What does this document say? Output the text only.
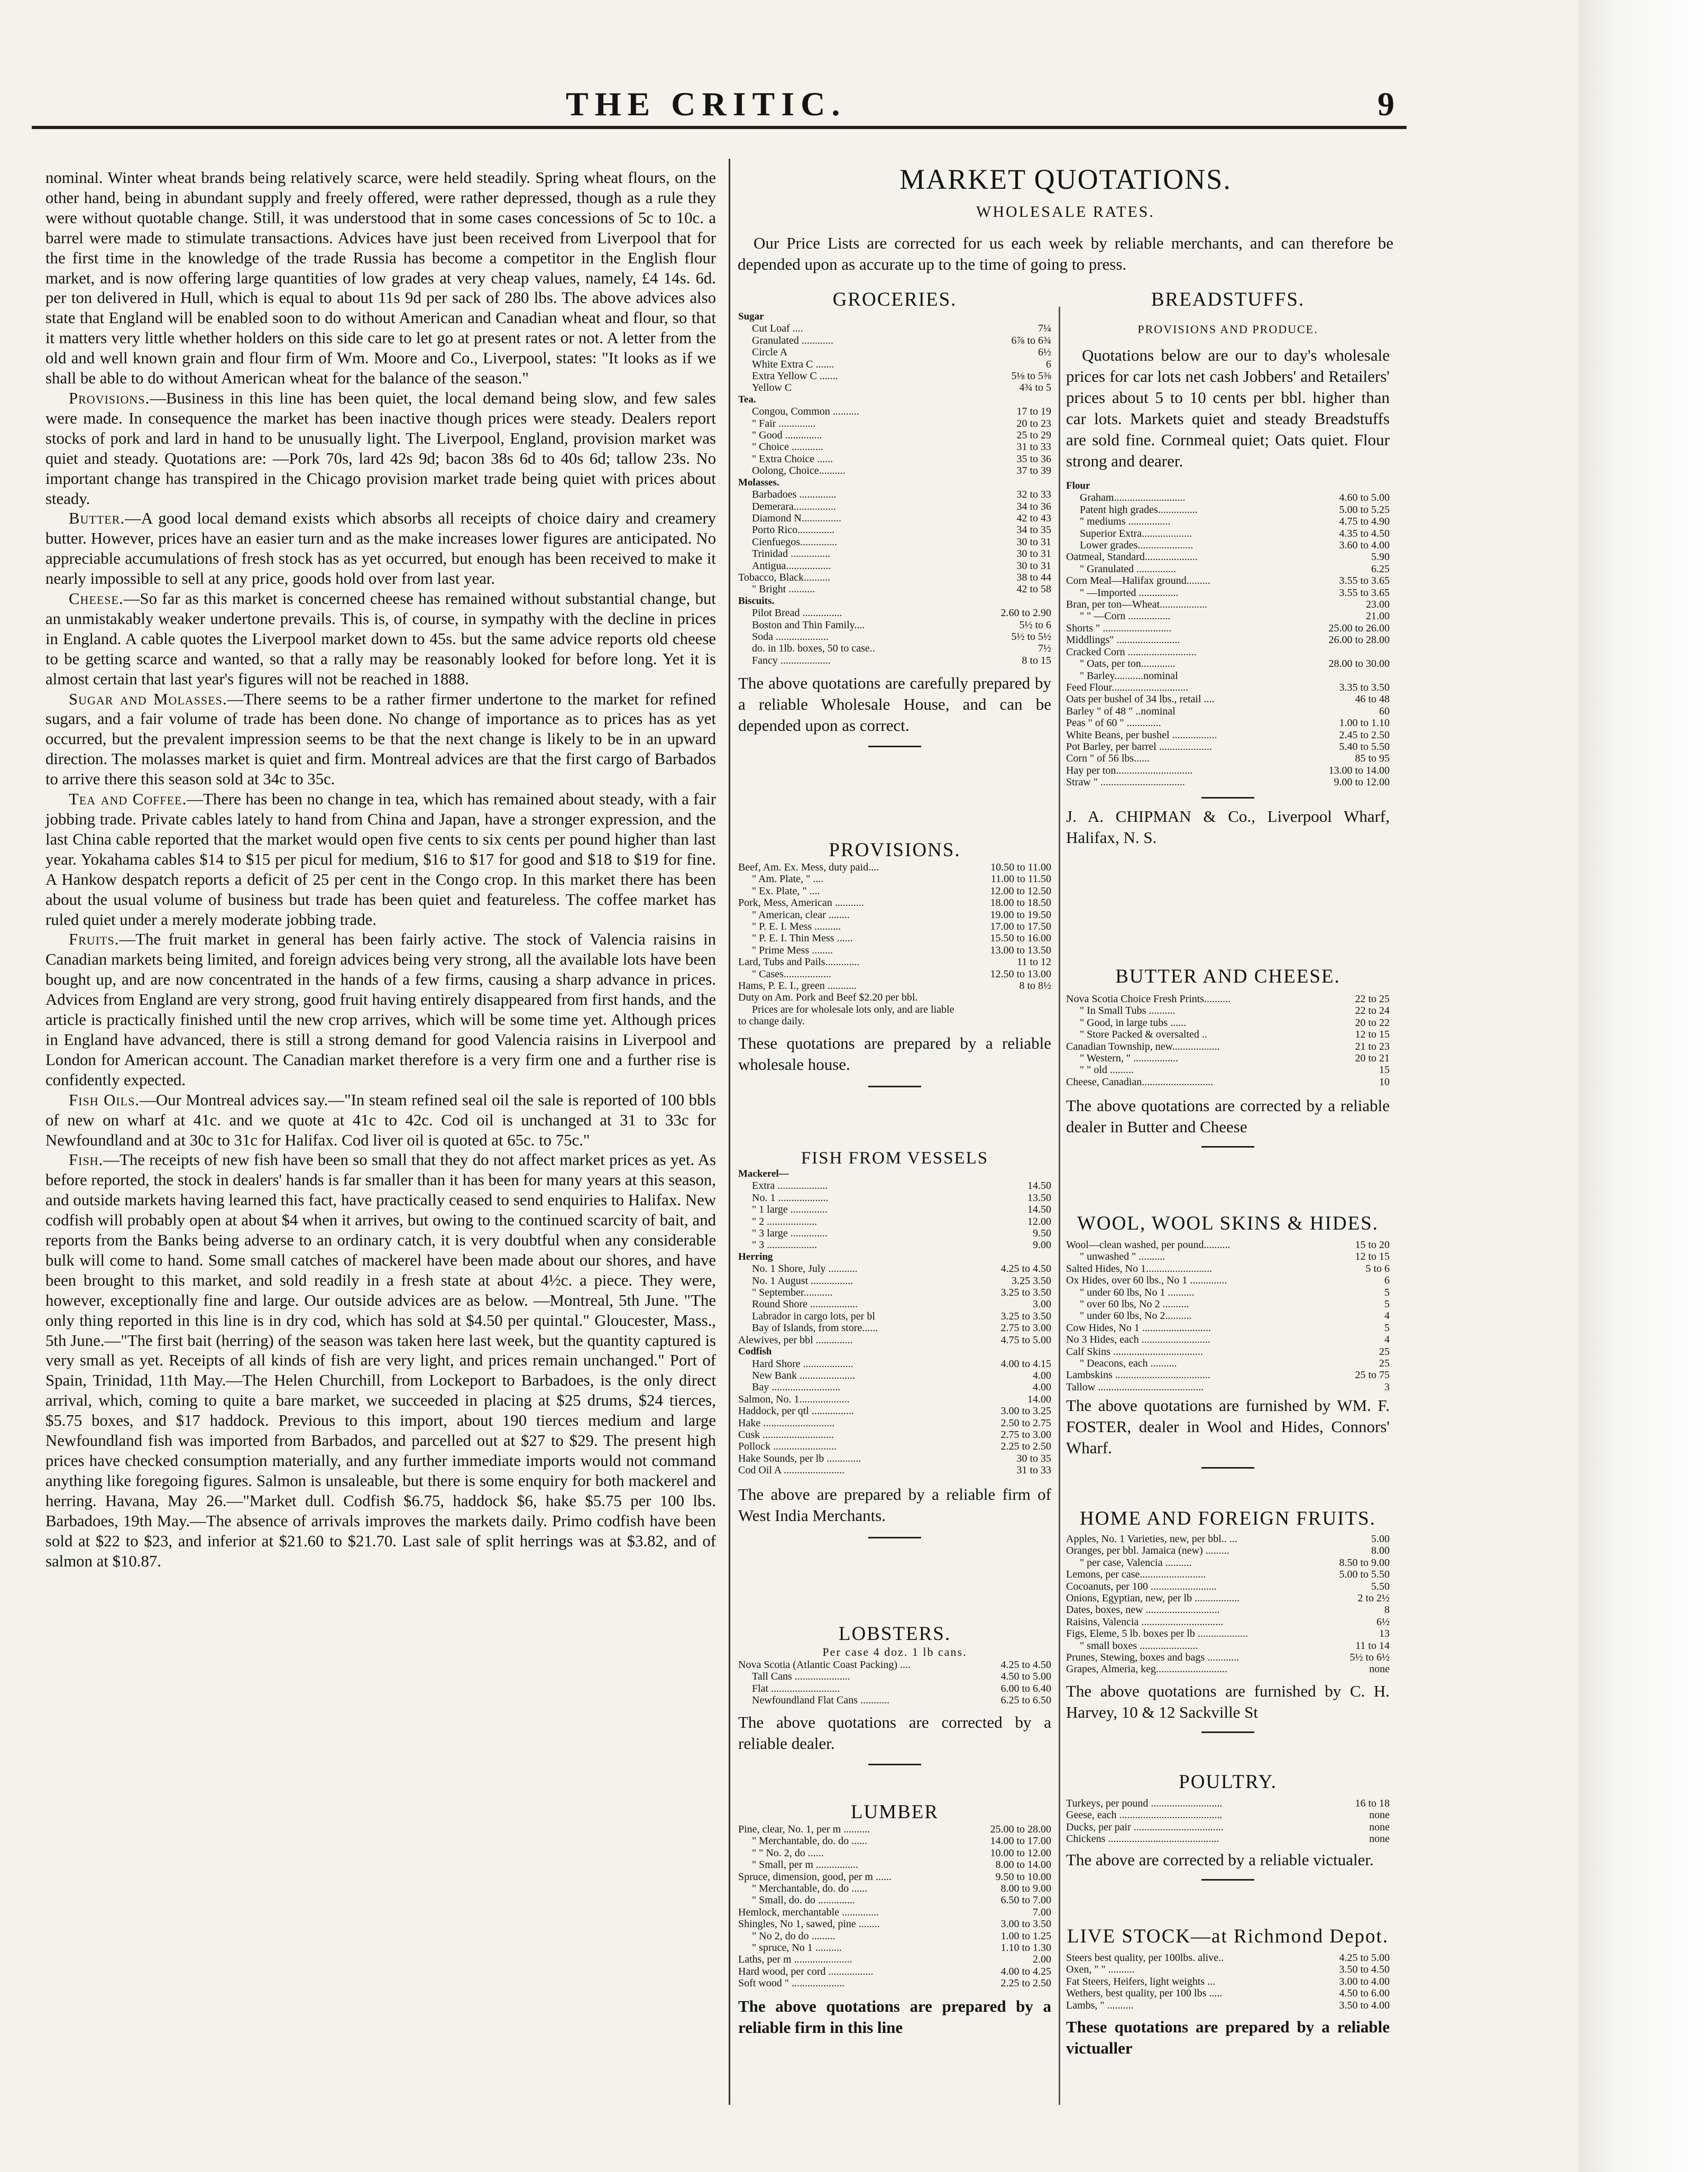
THE CRITIC.	9

nominal. Winter wheat brands being relatively scarce, were held steadily. Spring wheat flours, on the other hand, being in abundant supply and freely offered, were rather depressed, though as a rule they were without quotable change. Still, it was understood that in some cases concessions of 5c to 10c. a barrel were made to stimulate transactions. Advices have just been received from Liverpool that for the first time in the knowledge of the trade Russia has become a competitor in the English flour market, and is now offering large quantities of low grades at very cheap values, namely, £4 14s. 6d. per ton delivered in Hull, which is equal to about 11s 9d per sack of 280 lbs. The above advices also state that England will be enabled soon to do without American and Canadian wheat and flour, so that it matters very little whether holders on this side care to let go at present rates or not. A letter from the old and well known grain and flour firm of Wm. Moore and Co., Liverpool, states: "It looks as if we shall be able to do without American wheat for the balance of the season."

Provisions.—Business in this line has been quiet, the local demand being slow, and few sales were made. In consequence the market has been inactive though prices were steady. Dealers report stocks of pork and lard in hand to be unusually light. The Liverpool, England, provision market was quiet and steady. Quotations are: —Pork 70s, lard 42s 9d; bacon 38s 6d to 40s 6d; tallow 23s. No important change has transpired in the Chicago provision market trade being quiet with prices about steady.

Butter.—A good local demand exists which absorbs all receipts of choice dairy and creamery butter. However, prices have an easier turn and as the make increases lower figures are anticipated. No appreciable accumulations of fresh stock has as yet occurred, but enough has been received to make it nearly impossible to sell at any price, goods hold over from last year.

Cheese.—So far as this market is concerned cheese has remained without substantial change, but an unmistakably weaker undertone prevails. This is, of course, in sympathy with the decline in prices in England. A cable quotes the Liverpool market down to 45s. but the same advice reports old cheese to be getting scarce and wanted, so that a rally may be reasonably looked for before long. Yet it is almost certain that last year's figures will not be reached in 1888.

Sugar and Molasses.—There seems to be a rather firmer undertone to the market for refined sugars, and a fair volume of trade has been done. No change of importance as to prices has as yet occurred, but the prevalent impression seems to be that the next change is likely to be in an upward direction. The molasses market is quiet and firm. Montreal advices are that the first cargo of Barbados to arrive there this season sold at 34c to 35c.

Tea and Coffee.—There has been no change in tea, which has remained about steady, with a fair jobbing trade. Private cables lately to hand from China and Japan, have a stronger expression, and the last China cable reported that the market would open five cents to six cents per pound higher than last year. Yokahama cables $14 to $15 per picul for medium, $16 to $17 for good and $18 to $19 for fine. A Hankow despatch reports a deficit of 25 per cent in the Congo crop. In this market there has been about the usual volume of business but trade has been quiet and featureless. The coffee market has ruled quiet under a merely moderate jobbing trade.

Fruits.—The fruit market in general has been fairly active. The stock of Valencia raisins in Canadian markets being limited, and foreign advices being very strong, all the available lots have been bought up, and are now concentrated in the hands of a few firms, causing a sharp advance in prices. Advices from England are very strong, good fruit having entirely disappeared from first hands, and the article is practically finished until the new crop arrives, which will be some time yet. Although prices in England have advanced, there is still a strong demand for good Valencia raisins in Liverpool and London for American account. The Canadian market therefore is a very firm one and a further rise is confidently expected.

Fish Oils.—Our Montreal advices say.—"In steam refined seal oil the sale is reported of 100 bbls of new on wharf at 41c. and we quote at 41c to 42c. Cod oil is unchanged at 31 to 33c for Newfoundland and at 30c to 31c for Halifax. Cod liver oil is quoted at 65c. to 75c."

Fish.—The receipts of new fish have been so small that they do not affect market prices as yet. As before reported, the stock in dealers' hands is far smaller than it has been for many years at this season, and outside markets having learned this fact, have practically ceased to send enquiries to Halifax. New codfish will probably open at about $4 when it arrives, but owing to the continued scarcity of bait, and reports from the Banks being adverse to an ordinary catch, it is very doubtful when any considerable bulk will come to hand. Some small catches of mackerel have been made about our shores, and have been brought to this market, and sold readily in a fresh state at about 4½c. a piece. They were, however, exceptionally fine and large. Our outside advices are as below. —Montreal, 5th June. "The only thing reported in this line is in dry cod, which has sold at $4.50 per quintal." Gloucester, Mass., 5th June.—"The first bait (herring) of the season was taken here last week, but the quantity captured is very small as yet. Receipts of all kinds of fish are very light, and prices remain unchanged." Port of Spain, Trinidad, 11th May.—The Helen Churchill, from Lockeport to Barbadoes, is the only direct arrival, which, coming to quite a bare market, we succeeded in placing at $25 drums, $24 tierces, $5.75 boxes, and $17 haddock. Previous to this import, about 190 tierces medium and large Newfoundland fish was imported from Barbados, and parcelled out at $27 to $29. The present high prices have checked consumption materially, and any further immediate imports would not command anything like foregoing figures. Salmon is unsaleable, but there is some enquiry for both mackerel and herring. Havana, May 26.—"Market dull. Codfish $6.75, haddock $6, hake $5.75 per 100 lbs. Barbadoes, 19th May.—The absence of arrivals improves the markets daily. Primo codfish have been sold at $22 to $23, and inferior at $21.60 to $21.70. Last sale of split herrings was at $3.82, and of salmon at $10.87.

MARKET QUOTATIONS.
WHOLESALE RATES.
Our Price Lists are corrected for us each week by reliable merchants, and can therefore be depended upon as accurate up to the time of going to press.
GROCERIES.
Sugar
Cut Loaf ....	7¼
Granulated ............	6⅞ to 6¾
Circle A	6½
White Extra C .......	6
Extra Yellow C .......	5⅛ to 5⅜
Yellow C	4¾ to 5
Tea.
Congou, Common ..........	17 to 19
" Fair ..............	20 to 23
" Good ..............	25 to 29
" Choice ............	31 to 33
" Extra Choice ......	35 to 36
Oolong, Choice..........	37 to 39
Molasses.
Barbadoes ..............	32 to 33
Demerara................	34 to 36
Diamond N...............	42 to 43
Porto Rico..............	34 to 35
Cienfuegos..............	30 to 31
Trinidad ...............	30 to 31
Antigua.................	30 to 31
Tobacco, Black..........	38 to 44
" Bright ..........	42 to 58
Biscuits.
Pilot Bread ...............	2.60 to 2.90
Boston and Thin Family....	5½ to 6
Soda ....................	5½ to 5½
do. in 1lb. boxes, 50 to case..	7½
Fancy ...................	8 to 15
The above quotations are carefully prepared by a reliable Wholesale House, and can be depended upon as correct.
PROVISIONS.
Beef, Am. Ex. Mess, duty paid....	10.50 to 11.00
" Am. Plate, " ....	11.00 to 11.50
" Ex. Plate, " ....	12.00 to 12.50
Pork, Mess, American ...........	18.00 to 18.50
" American, clear ........	19.00 to 19.50
" P. E. I. Mess ..........	17.00 to 17.50
" P. E. I. Thin Mess ......	15.50 to 16.00
" Prime Mess ........	13.00 to 13.50
Lard, Tubs and Pails.............	11 to 12
" Cases..................	12.50 to 13.00
Hams, P. E. I., green ...........	8 to 8½
Duty on Am. Pork and Beef $2.20 per bbl.
Prices are for wholesale lots only, and are liable
to change daily.
These quotations are prepared by a reliable wholesale house.
FISH FROM VESSELS
Mackerel—
Extra ...................	14.50
No. 1 ...................	13.50
" 1 large ..............	14.50
" 2 ...................	12.00
" 3 large ..............	9.50
" 3 ...................	9.00
Herring
No. 1 Shore, July ...........	4.25 to 4.50
No. 1 August ................	3.25 3.50
" September...........	3.25 to 3.50
Round Shore ..................	3.00
Labrador in cargo lots, per bl	3.25 to 3.50
Bay of Islands, from store......	2.75 to 3.00
Alewives, per bbl ..............	4.75 to 5.00
Codfish
Hard Shore ...................	4.00 to 4.15
New Bank .....................	4.00
Bay ..........................	4.00
Salmon, No. 1...................	14.00
Haddock, per qtl ................	3.00 to 3.25
Hake ...........................	2.50 to 2.75
Cusk ...........................	2.75 to 3.00
Pollock ........................	2.25 to 2.50
Hake Sounds, per lb .............	30 to 35
Cod Oil A .......................	31 to 33
The above are prepared by a reliable firm of West India Merchants.
LOBSTERS.
Per case 4 doz. 1 lb cans.
Nova Scotia (Atlantic Coast Packing) ....	4.25 to 4.50
Tall Cans .....................	4.50 to 5.00
Flat ..........................	6.00 to 6.40
Newfoundland Flat Cans ...........	6.25 to 6.50
The above quotations are corrected by a reliable dealer.
LUMBER
Pine, clear, No. 1, per m ..........	25.00 to 28.00
" Merchantable, do. do ......	14.00 to 17.00
" " No. 2, do ......	10.00 to 12.00
" Small, per m ................	8.00 to 14.00
Spruce, dimension, good, per m ......	9.50 to 10.00
" Merchantable, do. do ......	8.00 to 9.00
" Small, do. do ..............	6.50 to 7.00
Hemlock, merchantable ..............	7.00
Shingles, No 1, sawed, pine ........	3.00 to 3.50
" No 2, do do .........	1.00 to 1.25
" spruce, No 1 ..........	1.10 to 1.30
Laths, per m ......................	2.00
Hard wood, per cord .................	4.00 to 4.25
Soft wood " ....................	2.25 to 2.50
The above quotations are prepared by a reliable firm in this line
BREADSTUFFS.
PROVISIONS AND PRODUCE.
Quotations below are our to day's wholesale prices for car lots net cash Jobbers' and Retailers' prices about 5 to 10 cents per bbl. higher than car lots. Markets quiet and steady Breadstuffs are sold fine. Cornmeal quiet; Oats quiet. Flour strong and dearer.
Flour
Graham...........................	4.60 to 5.00
Patent high grades...............	5.00 to 5.25
" mediums ................	4.75 to 4.90
Superior Extra...................	4.35 to 4.50
Lower grades.....................	3.60 to 4.00
Oatmeal, Standard....................	5.90
" Granulated ...............	6.25
Corn Meal—Halifax ground.........	3.55 to 3.65
" —Imported ...............	3.55 to 3.65
Bran, per ton—Wheat..................	23.00
" " —Corn ................	21.00
Shorts " ..........................	25.00 to 26.00
Middlings" ........................	26.00 to 28.00
Cracked Corn ..........................
" Oats, per ton.............	28.00 to 30.00
" Barley...........nominal
Feed Flour.............................	3.35 to 3.50
Oats per bushel of 34 lbs., retail ....	46 to 48
Barley " of 48 " ..nominal	60
Peas " of 60 " .............	1.00 to 1.10
White Beans, per bushel .................	2.45 to 2.50
Pot Barley, per barrel ....................	5.40 to 5.50
Corn " of 56 lbs......	85 to 95
Hay per ton.............................	13.00 to 14.00
Straw " ................................	9.00 to 12.00
J. A. CHIPMAN & Co., Liverpool Wharf, Halifax, N. S.
BUTTER AND CHEESE.
Nova Scotia Choice Fresh Prints..........	22 to 25
" In Small Tubs ..........	22 to 24
" Good, in large tubs ......	20 to 22
" Store Packed & oversalted ..	12 to 15
Canadian Township, new..................	21 to 23
" Western, " .................	20 to 21
" " old .........	15
Cheese, Canadian...........................	10
The above quotations are corrected by a reliable dealer in Butter and Cheese
WOOL, WOOL SKINS & HIDES.
Wool—clean washed, per pound..........	15 to 20
" unwashed " ..........	12 to 15
Salted Hides, No 1.........................	5 to 6
Ox Hides, over 60 lbs., No 1 ..............	6
" under 60 lbs, No 1 ..........	5
" over 60 lbs, No 2 ..........	5
" under 60 lbs, No 2..........	4
Cow Hides, No 1 ..........................	5
No 3 Hides, each ..........................	4
Calf Skins ..................................	25
" Deacons, each ..........	25
Lambskins ....................................	25 to 75
Tallow ........................................	3
The above quotations are furnished by WM. F. FOSTER, dealer in Wool and Hides, Connors' Wharf.
HOME AND FOREIGN FRUITS.
Apples, No. 1 Varieties, new, per bbl.. ...	5.00
Oranges, per bbl. Jamaica (new) .........	8.00
" per case, Valencia ..........	8.50 to 9.00
Lemons, per case.........................	5.00 to 5.50
Cocoanuts, per 100 .........................	5.50
Onions, Egyptian, new, per lb .................	2 to 2½
Dates, boxes, new ............................	8
Raisins, Valencia ...............................	6½
Figs, Eleme, 5 lb. boxes per lb ...................	13
" small boxes ......................	11 to 14
Prunes, Stewing, boxes and bags ............	5½ to 6½
Grapes, Almeria, keg...........................	none
The above quotations are furnished by C. H. Harvey, 10 & 12 Sackville St
POULTRY.
Turkeys, per pound ...........................	16 to 18
Geese, each .......................................	none
Ducks, per pair ..................................	none
Chickens ..........................................	none
The above are corrected by a reliable victualer.
LIVE STOCK—at Richmond Depot.
Steers best quality, per 100lbs. alive..	4.25 to 5.00
Oxen, " " ..........	3.50 to 4.50
Fat Steers, Heifers, light weights ...	3.00 to 4.00
Wethers, best quality, per 100 lbs .....	4.50 to 6.00
Lambs, " ..........	3.50 to 4.00
These quotations are prepared by a reliable victualler
